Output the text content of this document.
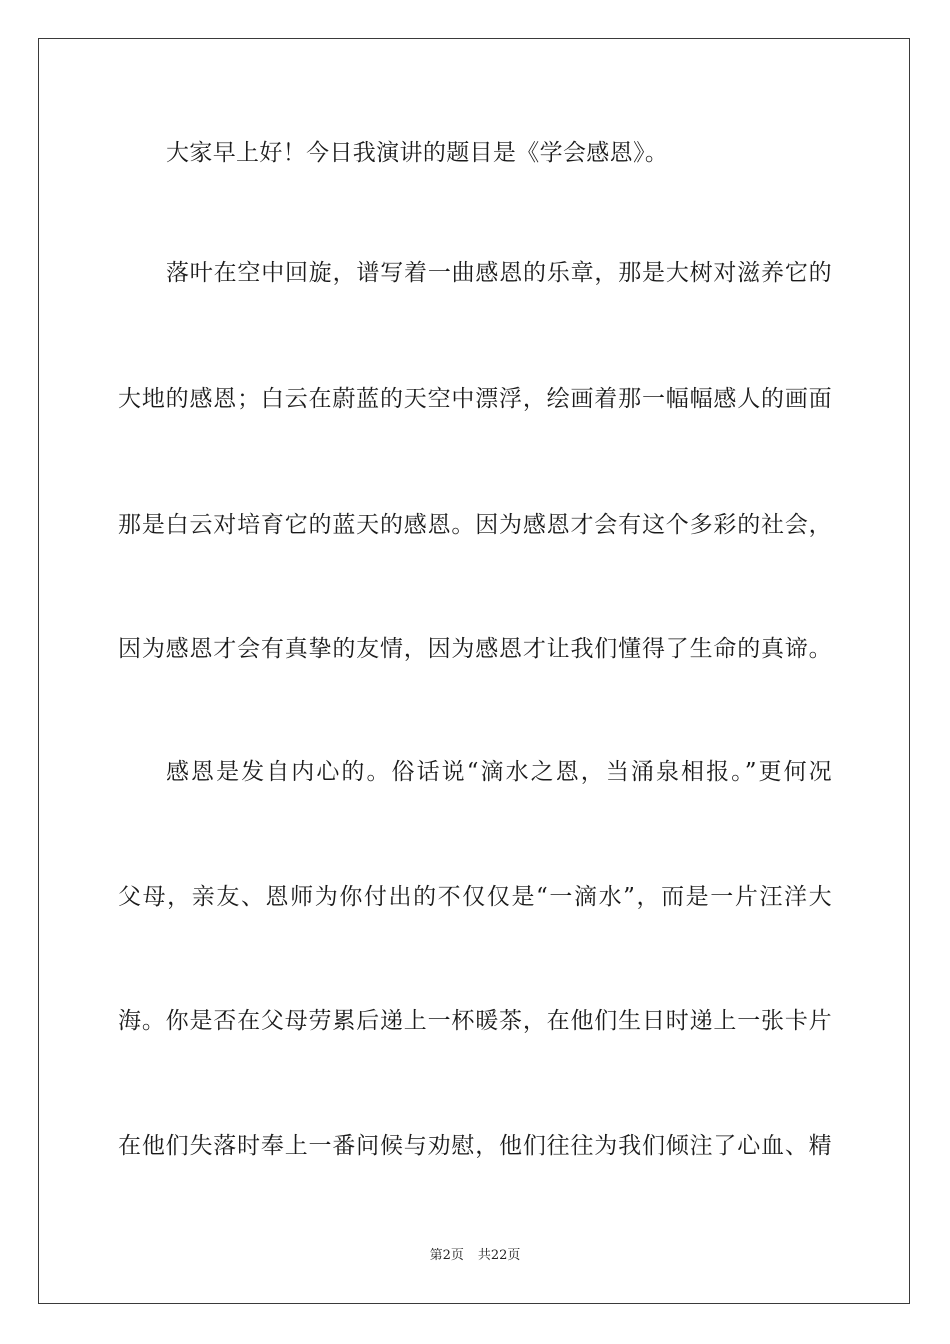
大家早上好！今日我演讲的题目是《学会感恩》。
落叶在空中回旋，谱写着一曲感恩的乐章，那是大树对滋养它的
大地的感恩；白云在蔚蓝的天空中漂浮，绘画着那一幅幅感人的画面
那是白云对培育它的蓝天的感恩。因为感恩才会有这个多彩的社会，
因为感恩才会有真挚的友情，因为感恩才让我们懂得了生命的真谛。
感恩是发自内心的。俗话说“滴水之恩，当涌泉相报。”更何况
父母，亲友、恩师为你付出的不仅仅是“一滴水”，而是一片汪洋大
海。你是否在父母劳累后递上一杯暖茶，在他们生日时递上一张卡片
在他们失落时奉上一番问候与劝慰，他们往往为我们倾注了心血、精
第2页 共22页
